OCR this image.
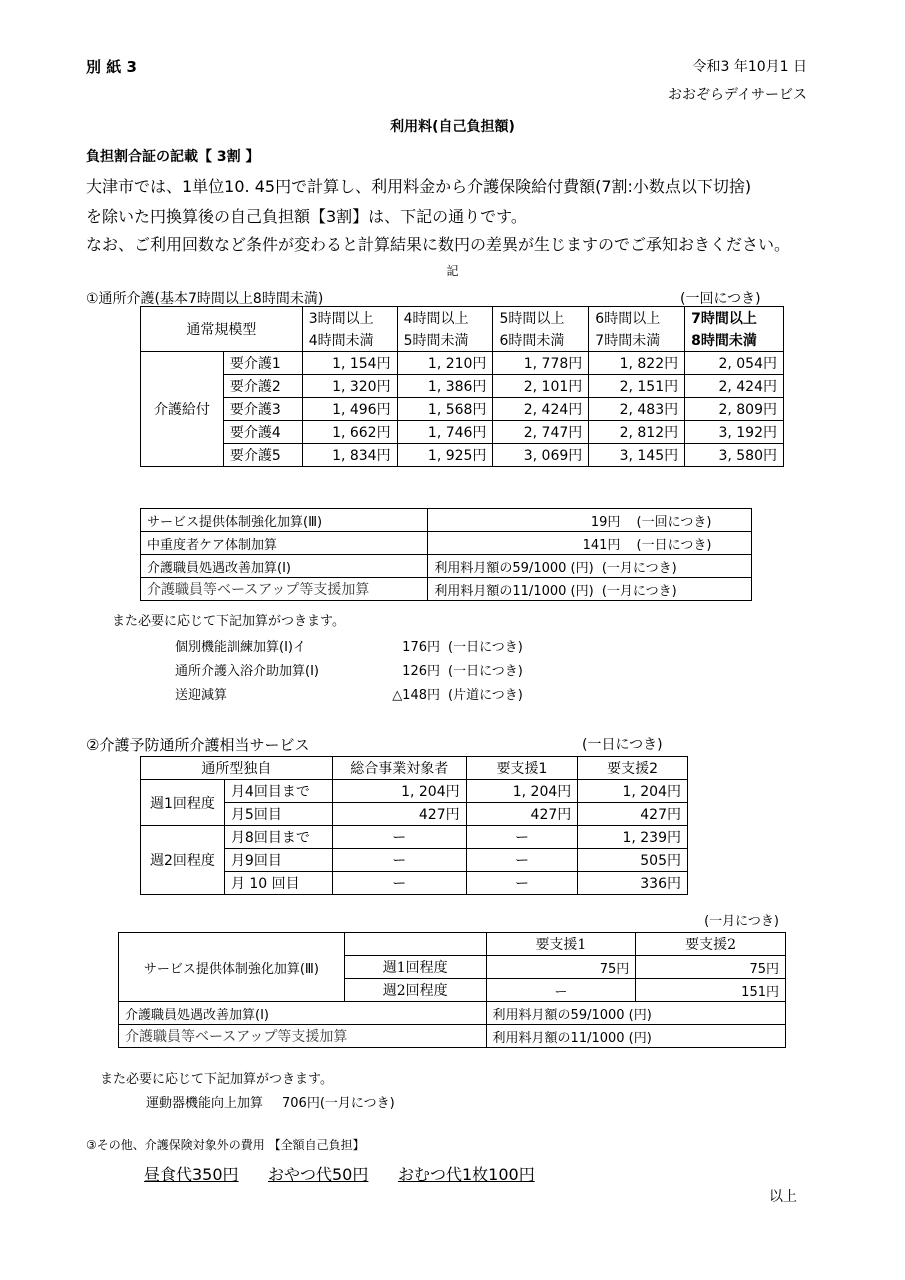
別 紙 3	令和3 年10月1 日
おおぞらデイサービス
利用料(自己負担額)
負担割合証の記載【 3割 】
大津市では、1単位10. 45円で計算し、利用料金から介護保険給付費額(7割:小数点以下切捨)
を除いた円換算後の自己負担額【3割】は、下記の通りです。
なお、ご利用回数など条件が変わると計算結果に数円の差異が生じますのでご承知おきください。
記
①通所介護(基本7時間以上8時間未満)	(一回につき)
通常規模型		3時間以上	4時間以上	5時間以上	6時間以上	7時間以上
		4時間未満	5時間未満	6時間未満	7時間未満	8時間未満
介護給付	要介護1	1, 154円	1, 210円	1, 778円	1, 822円	2, 054円
	要介護2	1, 320円	1, 386円	2, 101円	2, 151円	2, 424円
	要介護3	1, 496円	1, 568円	2, 424円	2, 483円	2, 809円
	要介護4	1, 662円	1, 746円	2, 747円	2, 812円	3, 192円
	要介護5	1, 834円	1, 925円	3, 069円	3, 145円	3, 580円
サービス提供体制強化加算(Ⅲ)	19円 (一回につき)
中重度者ケア体制加算	141円 (一日につき)
介護職員処遇改善加算(Ⅰ)	利用料月額の59/1000 (円) (一月につき)
介護職員等ベースアップ等支援加算	利用料月額の11/1000 (円) (一月につき)
また必要に応じて下記加算がつきます。
個別機能訓練加算(Ⅰ)イ	176円 (一日につき)
通所介護入浴介助加算(Ⅰ)	126円 (一日につき)
送迎減算	△148円 (片道につき)
②介護予防通所介護相当サービス	(一日につき)
通所型独自		総合事業対象者	要支援1	要支援2
週1回程度	月4回目まで	1, 204円	1, 204円	1, 204円
	月5回目	427円	427円	427円
週2回程度	月8回目まで	ー	ー	1, 239円
	月9回目	ー	ー	505円
	月 10 回目	ー	ー	336円
(一月につき)
サービス提供体制強化加算(Ⅲ)		要支援1	要支援2
	週1回程度	75円	75円
	週2回程度	ー	151円
介護職員処遇改善加算(Ⅰ)		利用料月額の59/1000 (円)	
介護職員等ベースアップ等支援加算		利用料月額の11/1000 (円)	
また必要に応じて下記加算がつきます。
運動器機能向上加算 706円(一月につき)
③その他、介護保険対象外の費用 【全額自己負担】
昼食代350円 おやつ代50円 おむつ代1枚100円
以上
